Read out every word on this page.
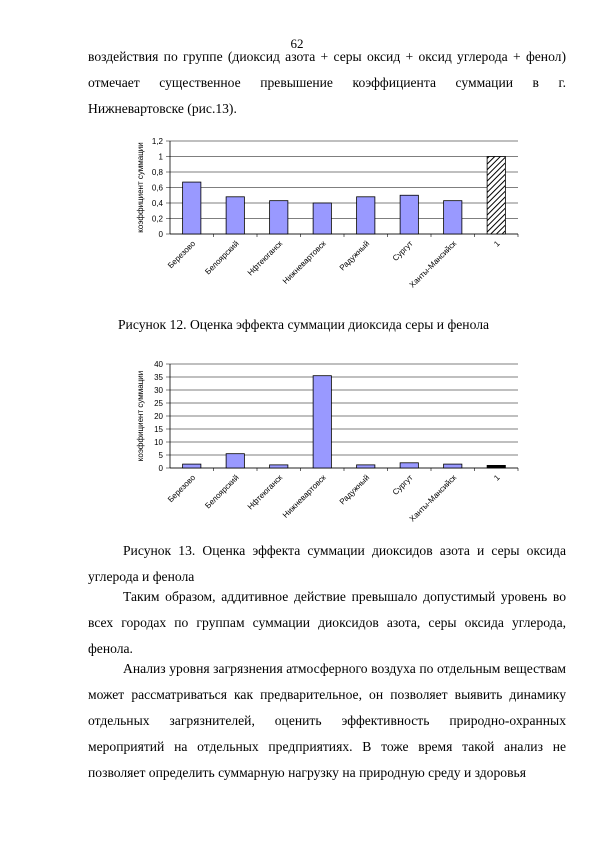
62

воздействия по группе (диоксид азота + серы оксид + оксид углерода + фенол) отмечает существенное превышение коэффициента суммации в г. Нижневартовске (рис.13).

0
0,2
0,4
0,6
0,8
1
1,2
коэффициент суммации
Березово Белоярский Нфтеюганск
Нижневартовск Радужный Сургут
Ханты-Мансийск	1
0
5
10
15
20
25
30
35
40
коэффициент суммации
Березово Белоярский Нфтеюганск
Нижневартовск Радужный Сургут
Ханты-Мансийск	1

Рисунок 12. Оценка эффекта суммации диоксида серы и фенола

Рисунок 13. Оценка эффекта суммации диоксидов азота и серы оксида углерода и фенола

Таким образом, аддитивное действие превышало допустимый уровень во всех городах по группам суммации диоксидов азота, серы оксида углерода, фенола.

Анализ уровня загрязнения атмосферного воздуха по отдельным веществам может рассматриваться как предварительное, он позволяет выявить динамику отдельных загрязнителей, оценить эффективность природно-охранных мероприятий на отдельных предприятиях. В тоже время такой анализ не позволяет определить суммарную нагрузку на природную среду и здоровья
